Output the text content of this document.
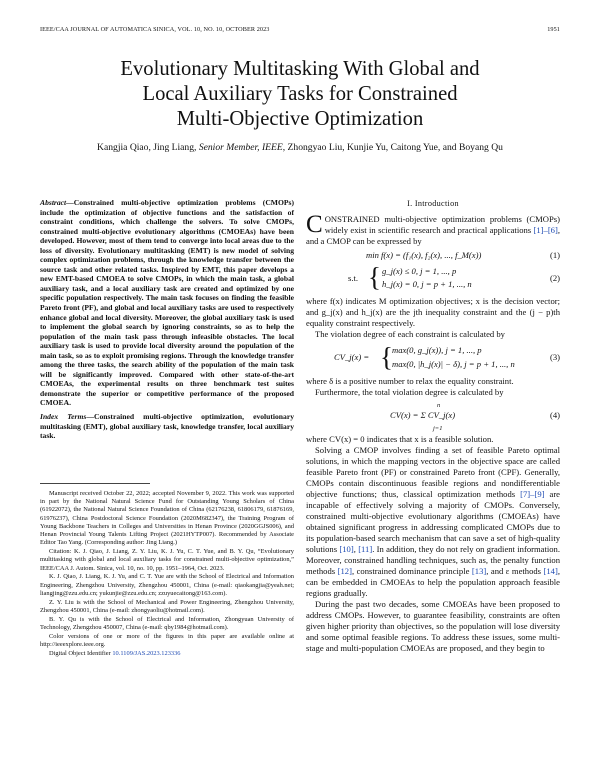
IEEE/CAA JOURNAL OF AUTOMATICA SINICA, VOL. 10, NO. 10, OCTOBER 2023	1951
Evolutionary Multitasking With Global and
Local Auxiliary Tasks for Constrained
Multi-Objective Optimization
Kangjia Qiao, Jing Liang, Senior Member, IEEE, Zhongyao Liu, Kunjie Yu, Caitong Yue, and Boyang Qu

Abstract—Constrained multi-objective optimization problems (CMOPs) include the optimization of objective functions and the satisfaction of constraint conditions, which challenge the solvers. To solve CMOPs, constrained multi-objective evolutionary algorithms (CMOEAs) have been developed. However, most of them tend to converge into local areas due to the loss of diversity. Evolutionary multitasking (EMT) is new model of solving complex optimization problems, through the knowledge transfer between the source task and other related tasks. Inspired by EMT, this paper develops a new EMT-based CMOEA to solve CMOPs, in which the main task, a global auxiliary task, and a local auxiliary task are created and optimized by one specific population respectively. The main task focuses on finding the feasible Pareto front (PF), and global and local auxiliary tasks are used to respectively enhance global and local diversity. Moreover, the global auxiliary task is used to implement the global search by ignoring constraints, so as to help the population of the main task pass through infeasible obstacles. The local auxiliary task is used to provide local diversity around the population of the main task, so as to exploit promising regions. Through the knowledge transfer among the three tasks, the search ability of the population of the main task will be significantly improved. Compared with other state-of-the-art CMOEAs, the experimental results on three benchmark test suites demonstrate the superior or competitive performance of the proposed CMOEA.

Index Terms—Constrained multi-objective optimization, evolutionary multitasking (EMT), global auxiliary task, knowledge transfer, local auxiliary task.

Manuscript received October 22, 2022; accepted November 9, 2022. This work was supported in part by the National Natural Science Fund for Outstanding Young Scholars of China (61922072), the National Natural Science Foundation of China (62176238, 61806179, 61876169, 61976237), China Postdoctoral Science Foundation (2020M682347), the Training Program of Young Backbone Teachers in Colleges and Universities in Henan Province (2020GGJS006), and Henan Provincial Young Talents Lifting Project (2021HYTP007). Recommended by Associate Editor Tao Yang. (Corresponding author: Jing Liang.)

Citation: K. J. Qiao, J. Liang, Z. Y. Liu, K. J. Yu, C. T. Yue, and B. Y. Qu, “Evolutionary multitasking with global and local auxiliary tasks for constrained multi-objective optimization,” IEEE/CAA J. Autom. Sinica, vol. 10, no. 10, pp. 1951–1964, Oct. 2023.

K. J. Qiao, J. Liang, K. J. Yu, and C. T. Yue are with the School of Electrical and Information Engineering, Zhengzhou University, Zhengzhou 450001, China (e-mail: qiaokangjia@yeah.net; liangjing@zzu.edu.cn; yukunjie@zzu.edu.cn; zzuyuecaitong@163.com).

Z. Y. Liu is with the School of Mechanical and Power Engineering, Zhengzhou University, Zhengzhou 450001, China (e-mail: zhongyaoliu@hotmail.com).

B. Y. Qu is with the School of Electrical and Information, Zhongyuan University of Technology, Zhengzhou 450007, China (e-mail: qby1984@hotmail.com).

Color versions of one or more of the figures in this paper are available online at http://ieeexplore.ieee.org.

Digital Object Identifier 10.1109/JAS.2023.123336

I. Introduction

CONSTRAINED multi-objective optimization problems (CMOPs) widely exist in scientific research and practical applications [1]–[6], and a CMOP can be expressed by

min f(x) = (f₁(x), f₂(x), ..., f_M(x))	(1)
s.t. { g_j(x) ≤ 0, j = 1, ..., p
h_j(x) = 0, j = p + 1, ..., n
(2)

where f(x) indicates M optimization objectives; x is the decision vector; and g_j(x) and h_j(x) are the jth inequality constraint and the (j − p)th equality constraint respectively.

The violation degree of each constraint is calculated by

CV_j(x) = { max(0, g_j(x)), j = 1, ..., p
max(0, |h_j(x)| − δ), j = p + 1, ..., n
(3)

where δ is a positive number to relax the equality constraint.

Furthermore, the total violation degree is calculated by

n
CV(x) = Σ CV_j(x)
j=1
(4)

where CV(x) = 0 indicates that x is a feasible solution.

Solving a CMOP involves finding a set of feasible Pareto optimal solutions, in which the mapping vectors in the objective space are called feasible Pareto front (PF) or constrained Pareto front (CPF). Generally, CMOPs contain discontinuous feasible regions and nondifferentiable objective functions; thus, classical optimization methods [7]–[9] are incapable of effectively solving a majority of CMOPs. Conversely, constrained multi-objective evolutionary algorithms (CMOEAs) have obtained significant progress in addressing complicated CMOPs due to its population-based search mechanism that can save a set of high-quality solutions [10], [11]. In addition, they do not rely on gradient information. Moreover, constrained handling techniques, such as, the penalty function methods [12], constrained dominance principle [13], and ε methods [14], can be embedded in CMOEAs to help the population approach feasible regions gradually.

During the past two decades, some CMOEAs have been proposed to address CMOPs. However, to guarantee feasibility, constraints are often given higher priority than objectives, so the population will lose diversity and some optimal feasible regions. To address these issues, some multi-stage and multi-population CMOEAs are proposed, and they begin to
